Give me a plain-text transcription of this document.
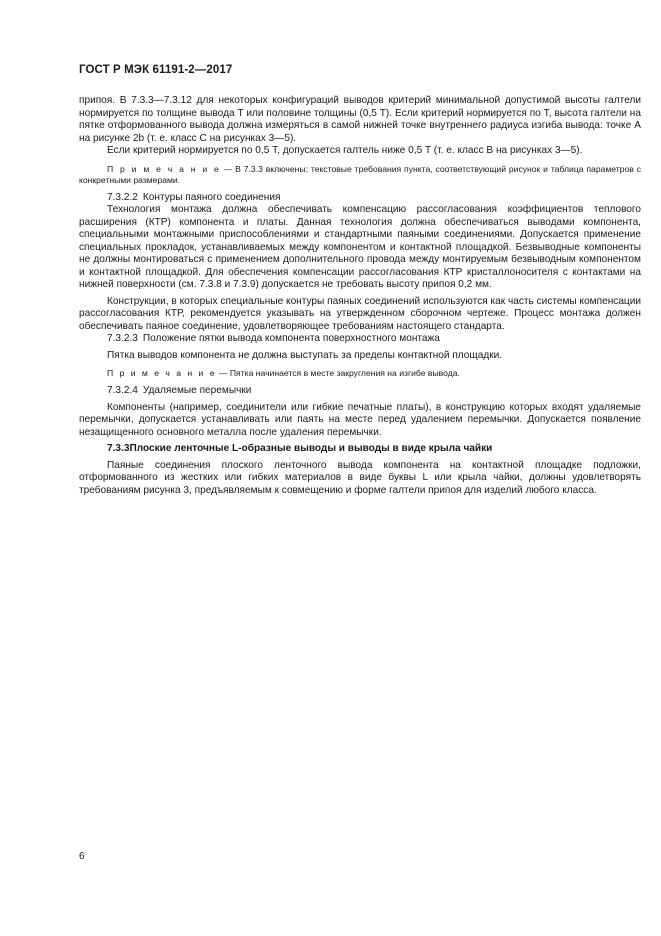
ГОСТ Р МЭК 61191-2—2017

припоя. В 7.3.3—7.3.12 для некоторых конфигураций выводов критерий минимальной допустимой высоты галтели нормируется по толщине вывода T или половине толщины (0,5 T). Если критерий нормируется по T, высота галтели на пятке отформованного вывода должна измеряться в самой нижней точке внутреннего радиуса изгиба вывода: точке A на рисунке 2b (т. е. класс C на рисунках 3—5).

Если критерий нормируется по 0,5 T, допускается галтель ниже 0,5 T (т. е. класс B на рисунках 3—5).

П р и м е ч а н и е — В 7.3.3 включены: текстовые требования пункта, соответствующий рисунок и таблица параметров с конкретными размерами.

7.3.2.2 Контуры паяного соединения

Технология монтажа должна обеспечивать компенсацию рассогласования коэффициентов теплового расширения (КТР) компонента и платы. Данная технология должна обеспечиваться выводами компонента, специальными монтажными приспособлениями и стандартными паяными соединениями. Допускается применение специальных прокладок, устанавливаемых между компонентом и контактной площадкой. Безвыводные компоненты не должны монтироваться с применением дополнительного провода между монтируемым безвыводным компонентом и контактной площадкой. Для обеспечения компенсации рассогласования КТР кристаллоносителя с контактами на нижней поверхности (см. 7.3.8 и 7.3.9) допускается не требовать высоту припоя 0,2 мм.

Конструкции, в которых специальные контуры паяных соединений используются как часть системы компенсации рассогласования КТР, рекомендуется указывать на утвержденном сборочном чертеже. Процесс монтажа должен обеспечивать паяное соединение, удовлетворяющее требованиям настоящего стандарта.

7.3.2.3 Положение пятки вывода компонента поверхностного монтажа

Пятка выводов компонента не должна выступать за пределы контактной площадки.

П р и м е ч а н и е — Пятка начинается в месте закругления на изгибе вывода.

7.3.2.4 Удаляемые перемычки

Компоненты (например, соединители или гибкие печатные платы), в конструкцию которых входят удаляемые перемычки, допускается устанавливать или паять на месте перед удалением перемычки. Допускается появление незащищенного основного металла после удаления перемычки.

7.3.3Плоские ленточные L-образные выводы и выводы в виде крыла чайки

Паяные соединения плоского ленточного вывода компонента на контактной площадке подложки, отформованного из жестких или гибких материалов в виде буквы L или крыла чайки, должны удовлетворять требованиям рисунка 3, предъявляемым к совмещению и форме галтели припоя для изделий любого класса.

6
